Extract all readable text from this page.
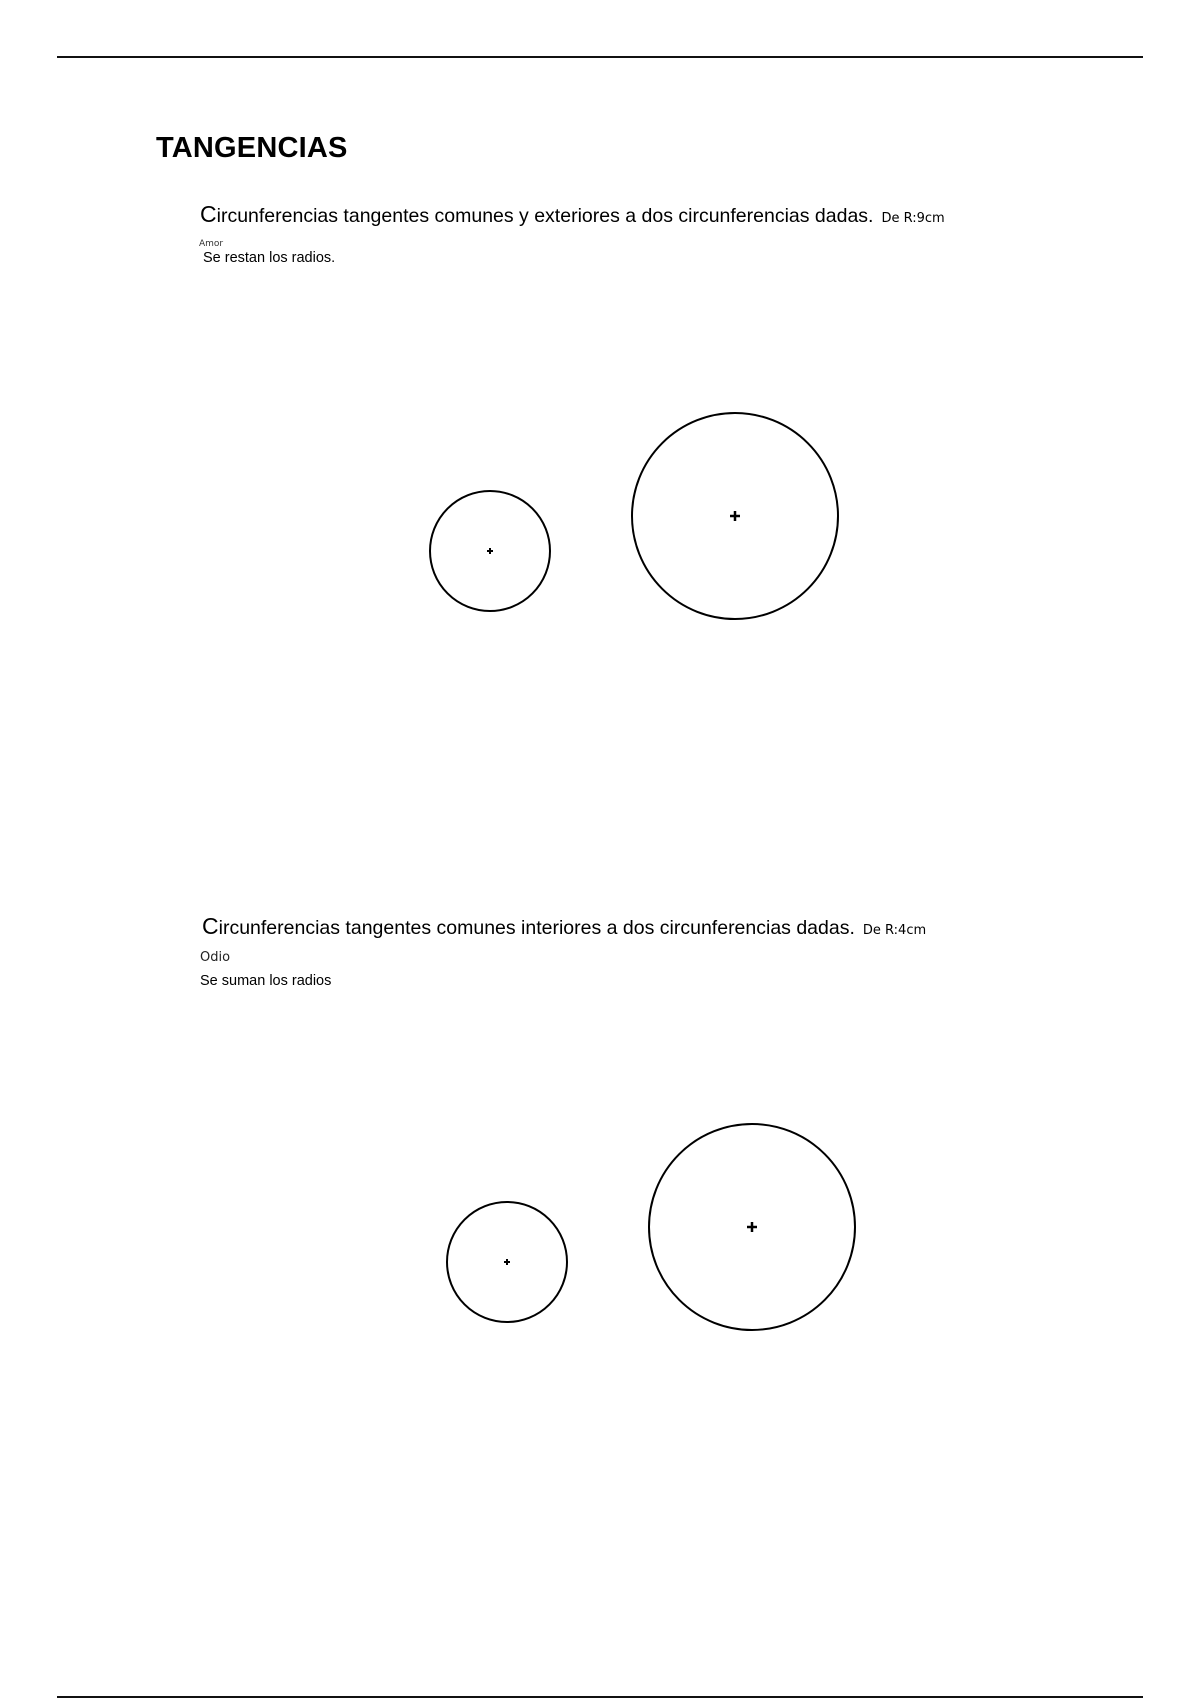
TANGENCIAS
Circunferencias tangentes comunes y exteriores a dos circunferencias dadas. De R:9cm
Amor
Se restan los radios.
Circunferencias tangentes comunes interiores a dos circunferencias dadas. De R:4cm
Odio
Se suman los radios
